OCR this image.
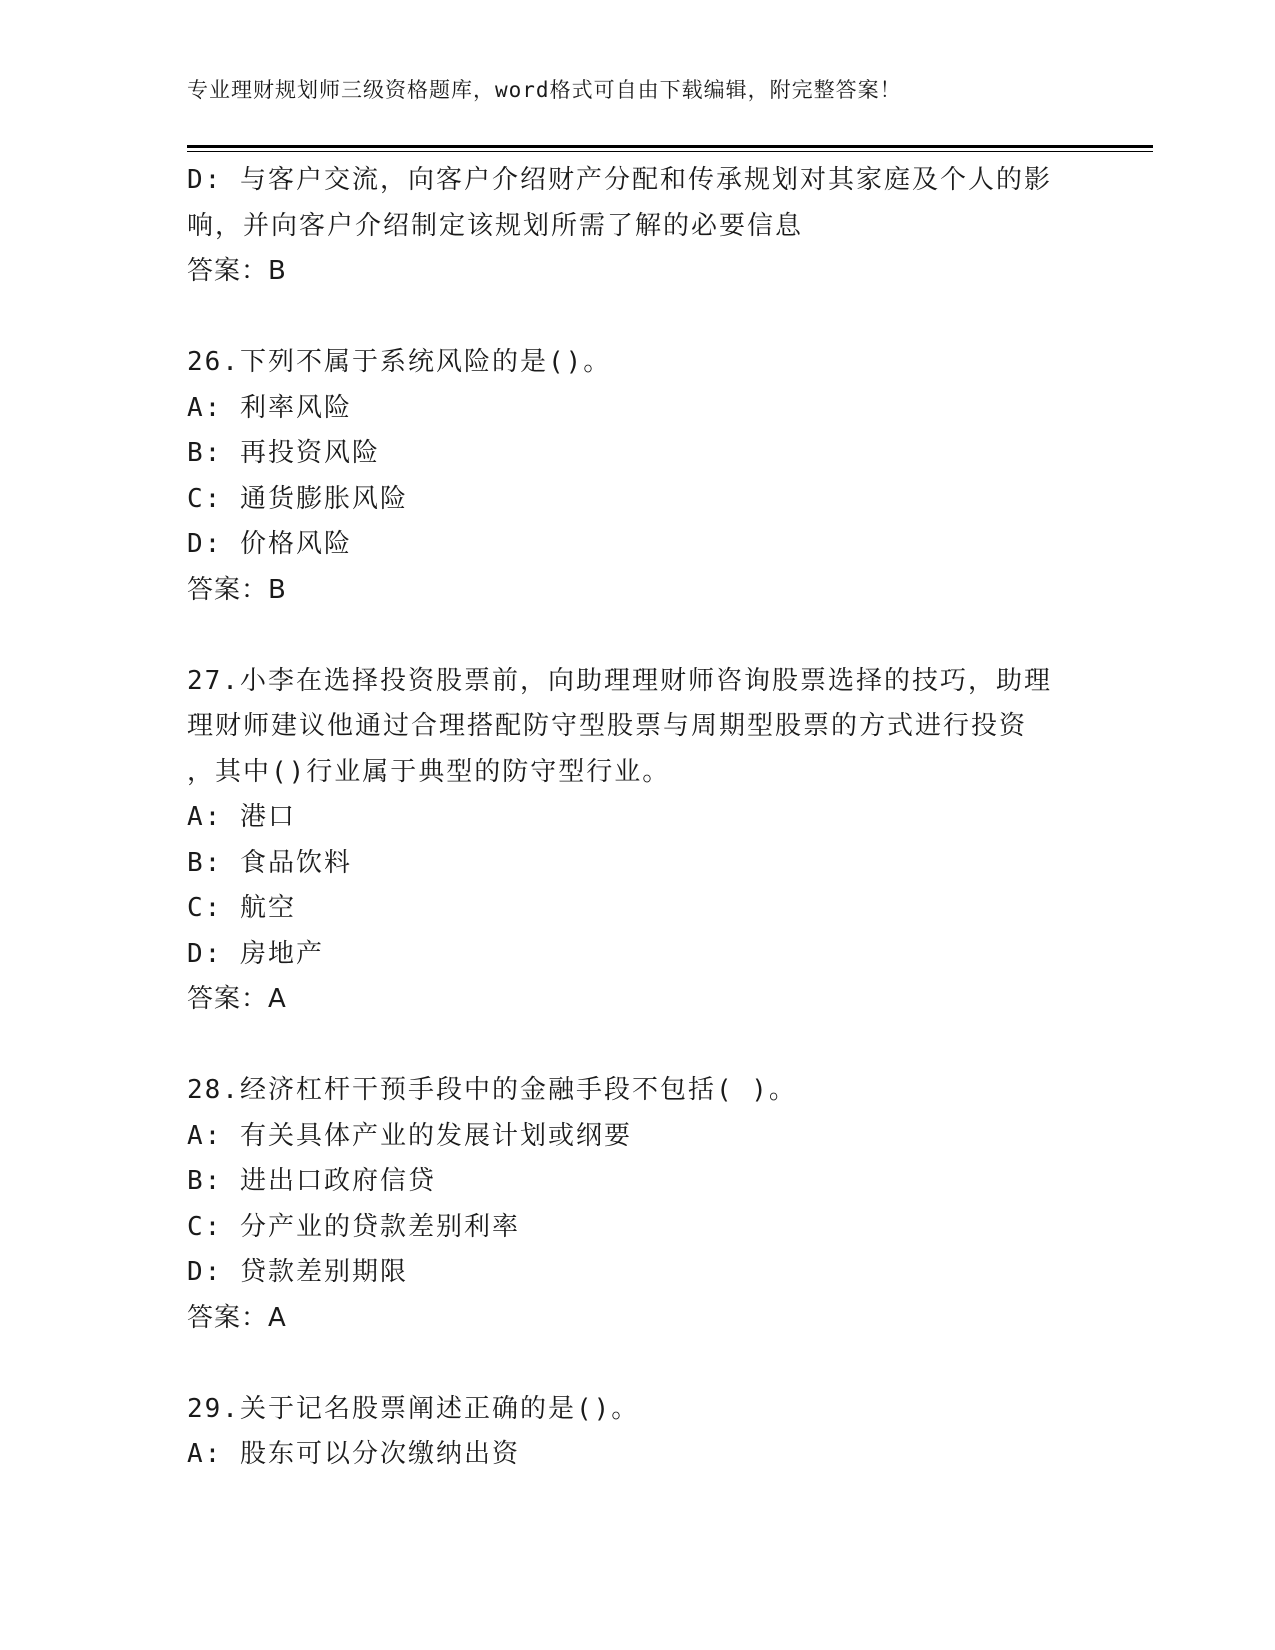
专业理财规划师三级资格题库，word格式可自由下载编辑，附完整答案！
D: 与客户交流，向客户介绍财产分配和传承规划对其家庭及个人的影
响，并向客户介绍制定该规划所需了解的必要信息
答案：B
26.下列不属于系统风险的是()。
A: 利率风险
B: 再投资风险
C: 通货膨胀风险
D: 价格风险
答案：B
27.小李在选择投资股票前，向助理理财师咨询股票选择的技巧，助理
理财师建议他通过合理搭配防守型股票与周期型股票的方式进行投资
，其中()行业属于典型的防守型行业。
A: 港口
B: 食品饮料
C: 航空
D: 房地产
答案：A
28.经济杠杆干预手段中的金融手段不包括( )。
A: 有关具体产业的发展计划或纲要
B: 进出口政府信贷
C: 分产业的贷款差别利率
D: 贷款差别期限
答案：A
29.关于记名股票阐述正确的是()。
A: 股东可以分次缴纳出资
